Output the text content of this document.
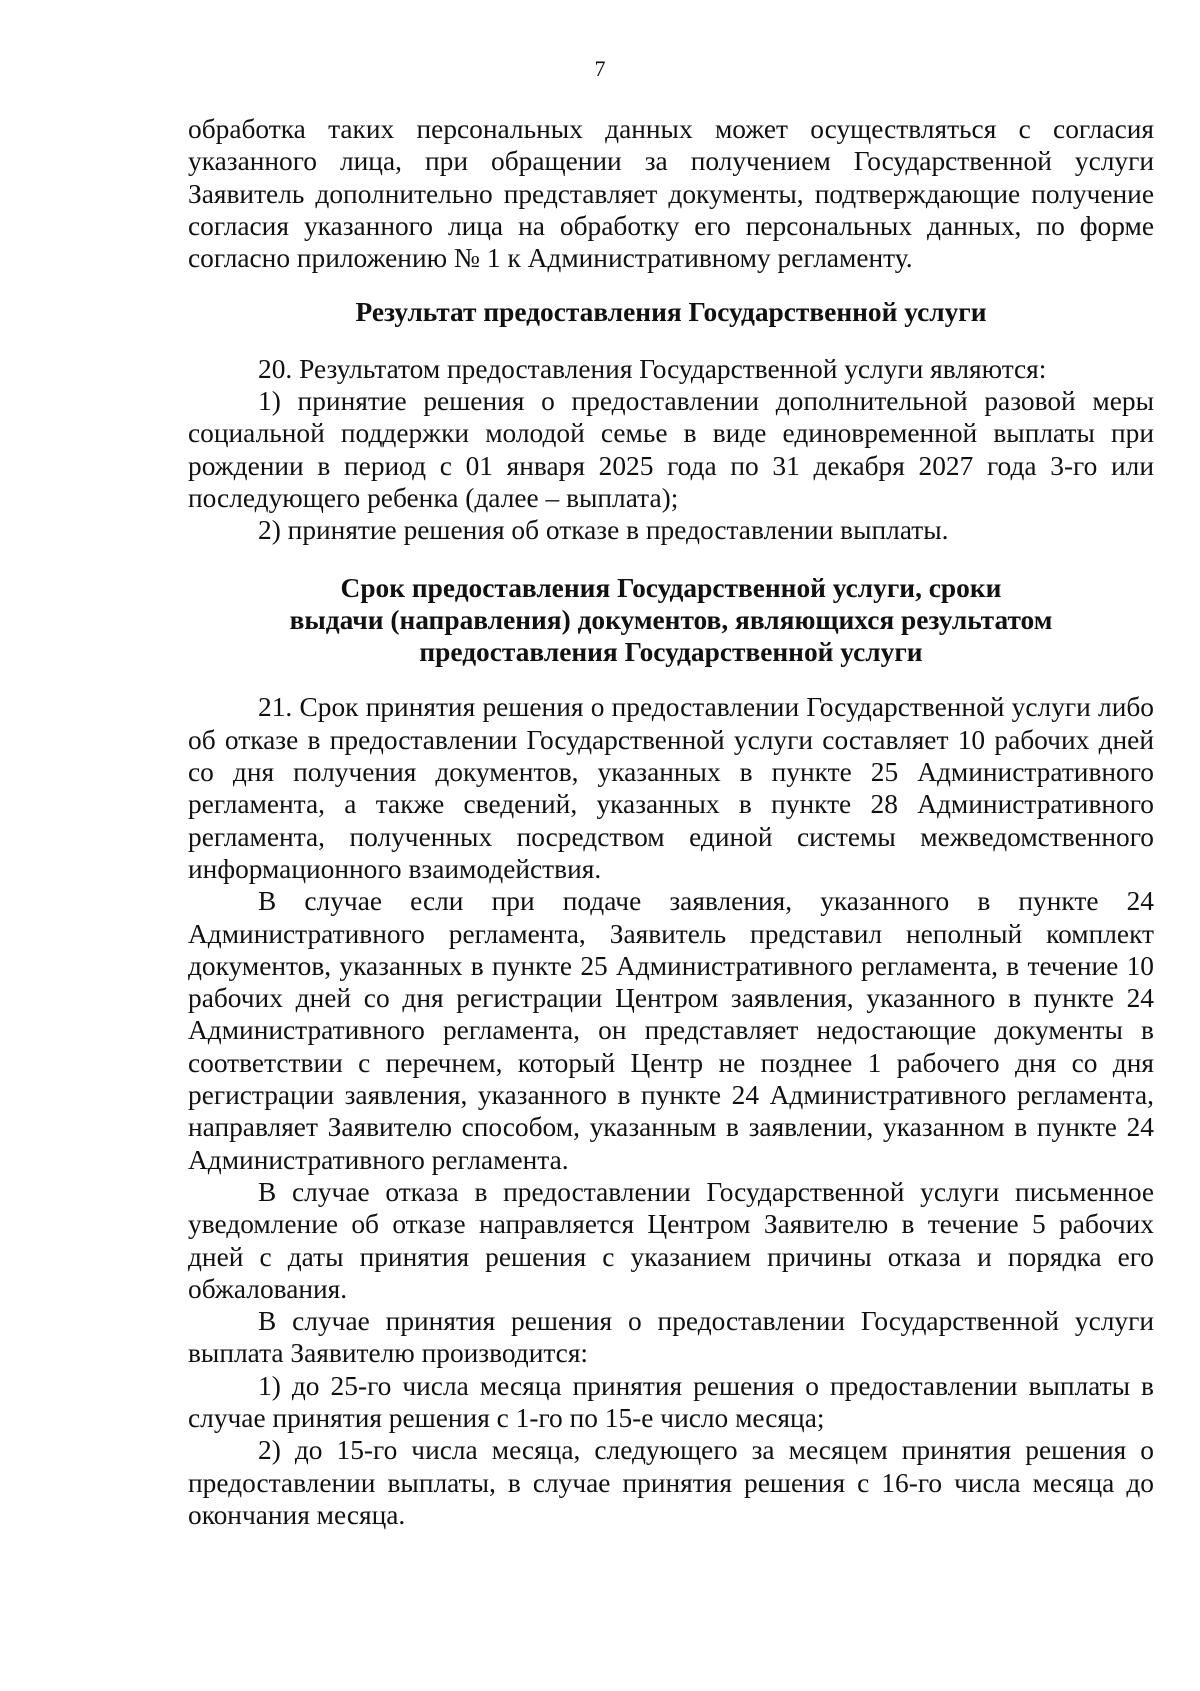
7

обработка таких персональных данных может осуществляться с согласия указанного лица, при обращении за получением Государственной услуги Заявитель дополнительно представляет документы, подтверждающие получение согласия указанного лица на обработку его персональных данных, по форме согласно приложению № 1 к Административному регламенту.

Результат предоставления Государственной услуги

20. Результатом предоставления Государственной услуги являются:

1) принятие решения о предоставлении дополнительной разовой меры социальной поддержки молодой семье в виде единовременной выплаты при рождении в период с 01 января 2025 года по 31 декабря 2027 года 3-го или последующего ребенка (далее – выплата);

2) принятие решения об отказе в предоставлении выплаты.

Срок предоставления Государственной услуги, сроки
выдачи (направления) документов, являющихся результатом
предоставления Государственной услуги

21. Срок принятия решения о предоставлении Государственной услуги либо об отказе в предоставлении Государственной услуги составляет 10 рабочих дней со дня получения документов, указанных в пункте 25 Административного регламента, а также сведений, указанных в пункте 28 Административного регламента, полученных посредством единой системы межведомственного информационного взаимодействия.

В случае если при подаче заявления, указанного в пункте 24 Административного регламента, Заявитель представил неполный комплект документов, указанных в пункте 25 Административного регламента, в течение 10 рабочих дней со дня регистрации Центром заявления, указанного в пункте 24 Административного регламента, он представляет недостающие документы в соответствии с перечнем, который Центр не позднее 1 рабочего дня со дня регистрации заявления, указанного в пункте 24 Административного регламента, направляет Заявителю способом, указанным в заявлении, указанном в пункте 24 Административного регламента.

В случае отказа в предоставлении Государственной услуги письменное уведомление об отказе направляется Центром Заявителю в течение 5 рабочих дней с даты принятия решения с указанием причины отказа и порядка его обжалования.

В случае принятия решения о предоставлении Государственной услуги выплата Заявителю производится:

1) до 25-го числа месяца принятия решения о предоставлении выплаты в случае принятия решения с 1-го по 15-е число месяца;

2) до 15-го числа месяца, следующего за месяцем принятия решения о предоставлении выплаты, в случае принятия решения с 16-го числа месяца до окончания месяца.
